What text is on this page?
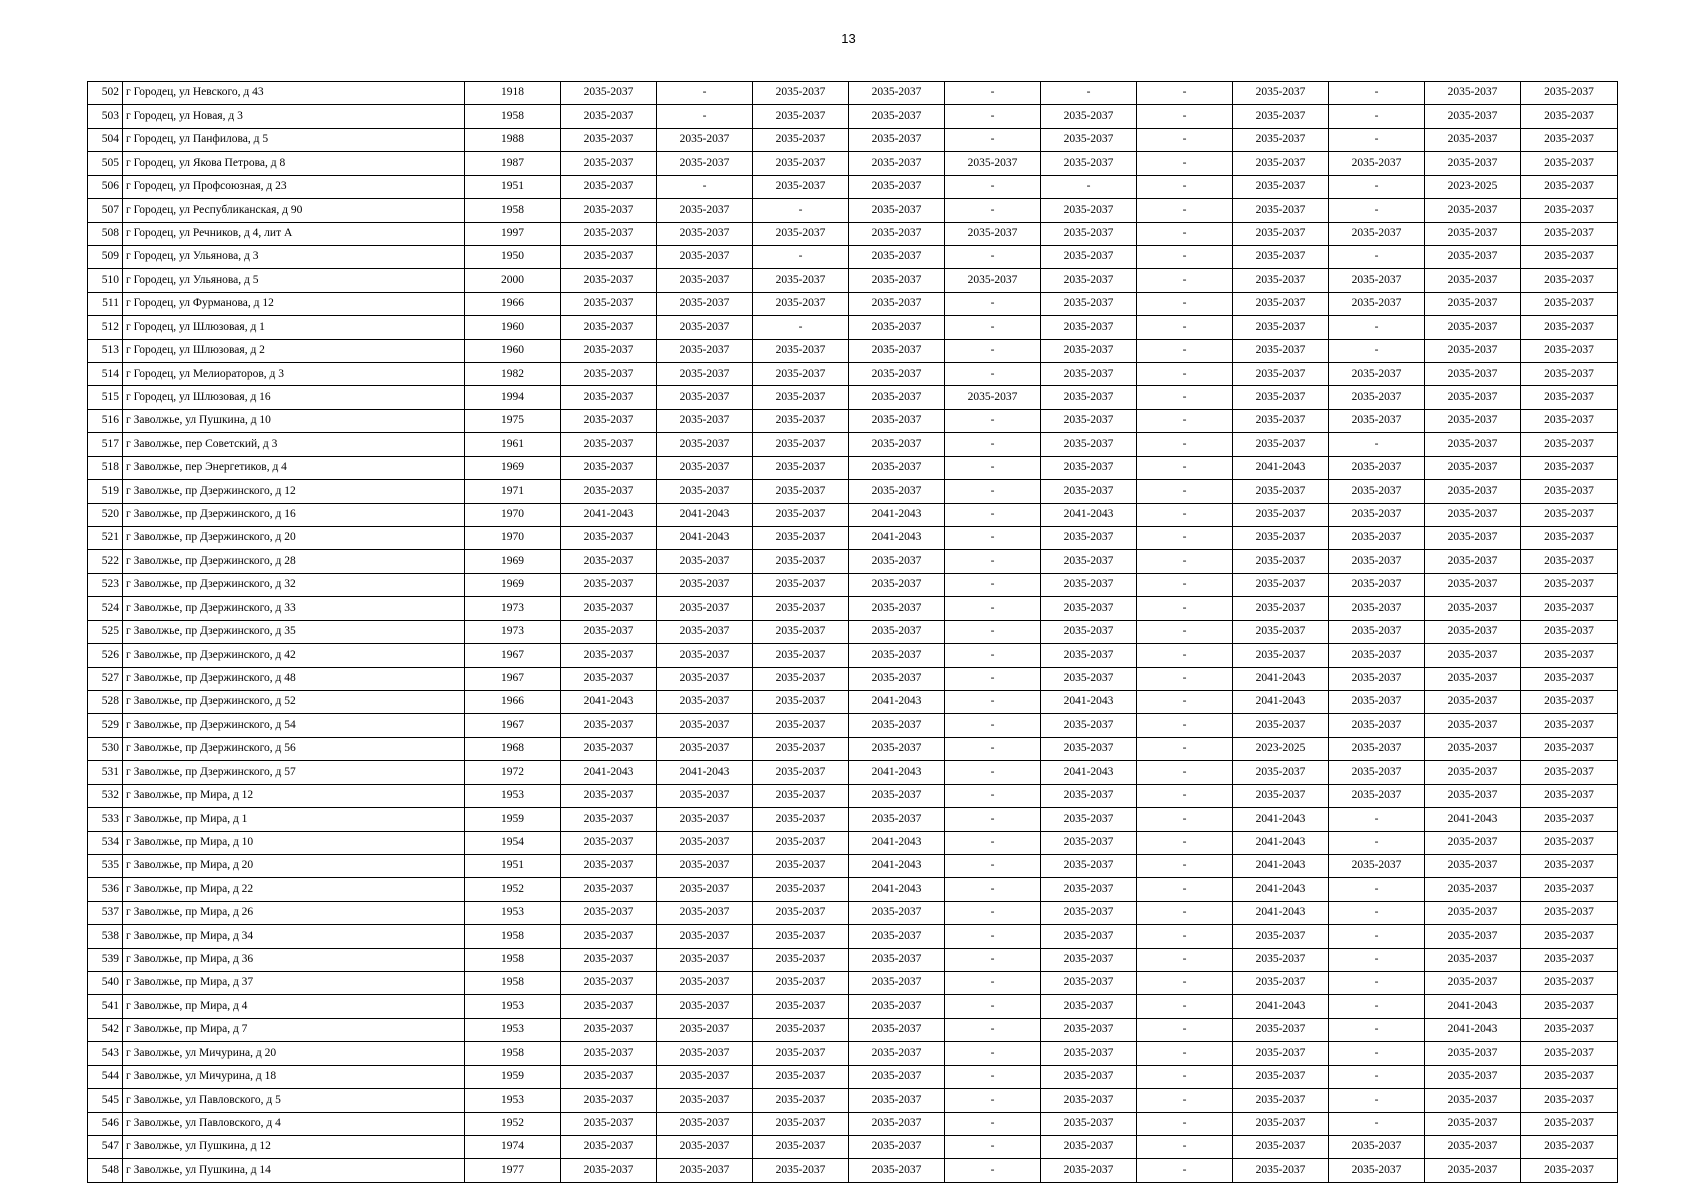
13
502	г Городец, ул Невского, д 43	1918	2035-2037	-	2035-2037	2035-2037	-	-	-	2035-2037	-	2035-2037	2035-2037
503	г Городец, ул Новая, д 3	1958	2035-2037	-	2035-2037	2035-2037	-	2035-2037	-	2035-2037	-	2035-2037	2035-2037
504	г Городец, ул Панфилова, д 5	1988	2035-2037	2035-2037	2035-2037	2035-2037	-	2035-2037	-	2035-2037	-	2035-2037	2035-2037
505	г Городец, ул Якова Петрова, д 8	1987	2035-2037	2035-2037	2035-2037	2035-2037	2035-2037	2035-2037	-	2035-2037	2035-2037	2035-2037	2035-2037
506	г Городец, ул Профсоюзная, д 23	1951	2035-2037	-	2035-2037	2035-2037	-	-	-	2035-2037	-	2023-2025	2035-2037
507	г Городец, ул Республиканская, д 90	1958	2035-2037	2035-2037	-	2035-2037	-	2035-2037	-	2035-2037	-	2035-2037	2035-2037
508	г Городец, ул Речников, д 4, лит А	1997	2035-2037	2035-2037	2035-2037	2035-2037	2035-2037	2035-2037	-	2035-2037	2035-2037	2035-2037	2035-2037
509	г Городец, ул Ульянова, д 3	1950	2035-2037	2035-2037	-	2035-2037	-	2035-2037	-	2035-2037	-	2035-2037	2035-2037
510	г Городец, ул Ульянова, д 5	2000	2035-2037	2035-2037	2035-2037	2035-2037	2035-2037	2035-2037	-	2035-2037	2035-2037	2035-2037	2035-2037
511	г Городец, ул Фурманова, д 12	1966	2035-2037	2035-2037	2035-2037	2035-2037	-	2035-2037	-	2035-2037	2035-2037	2035-2037	2035-2037
512	г Городец, ул Шлюзовая, д 1	1960	2035-2037	2035-2037	-	2035-2037	-	2035-2037	-	2035-2037	-	2035-2037	2035-2037
513	г Городец, ул Шлюзовая, д 2	1960	2035-2037	2035-2037	2035-2037	2035-2037	-	2035-2037	-	2035-2037	-	2035-2037	2035-2037
514	г Городец, ул Мелиораторов, д 3	1982	2035-2037	2035-2037	2035-2037	2035-2037	-	2035-2037	-	2035-2037	2035-2037	2035-2037	2035-2037
515	г Городец, ул Шлюзовая, д 16	1994	2035-2037	2035-2037	2035-2037	2035-2037	2035-2037	2035-2037	-	2035-2037	2035-2037	2035-2037	2035-2037
516	г Заволжье, ул Пушкина, д 10	1975	2035-2037	2035-2037	2035-2037	2035-2037	-	2035-2037	-	2035-2037	2035-2037	2035-2037	2035-2037
517	г Заволжье, пер Советский, д 3	1961	2035-2037	2035-2037	2035-2037	2035-2037	-	2035-2037	-	2035-2037	-	2035-2037	2035-2037
518	г Заволжье, пер Энергетиков, д 4	1969	2035-2037	2035-2037	2035-2037	2035-2037	-	2035-2037	-	2041-2043	2035-2037	2035-2037	2035-2037
519	г Заволжье, пр Дзержинского, д 12	1971	2035-2037	2035-2037	2035-2037	2035-2037	-	2035-2037	-	2035-2037	2035-2037	2035-2037	2035-2037
520	г Заволжье, пр Дзержинского, д 16	1970	2041-2043	2041-2043	2035-2037	2041-2043	-	2041-2043	-	2035-2037	2035-2037	2035-2037	2035-2037
521	г Заволжье, пр Дзержинского, д 20	1970	2035-2037	2041-2043	2035-2037	2041-2043	-	2035-2037	-	2035-2037	2035-2037	2035-2037	2035-2037
522	г Заволжье, пр Дзержинского, д 28	1969	2035-2037	2035-2037	2035-2037	2035-2037	-	2035-2037	-	2035-2037	2035-2037	2035-2037	2035-2037
523	г Заволжье, пр Дзержинского, д 32	1969	2035-2037	2035-2037	2035-2037	2035-2037	-	2035-2037	-	2035-2037	2035-2037	2035-2037	2035-2037
524	г Заволжье, пр Дзержинского, д 33	1973	2035-2037	2035-2037	2035-2037	2035-2037	-	2035-2037	-	2035-2037	2035-2037	2035-2037	2035-2037
525	г Заволжье, пр Дзержинского, д 35	1973	2035-2037	2035-2037	2035-2037	2035-2037	-	2035-2037	-	2035-2037	2035-2037	2035-2037	2035-2037
526	г Заволжье, пр Дзержинского, д 42	1967	2035-2037	2035-2037	2035-2037	2035-2037	-	2035-2037	-	2035-2037	2035-2037	2035-2037	2035-2037
527	г Заволжье, пр Дзержинского, д 48	1967	2035-2037	2035-2037	2035-2037	2035-2037	-	2035-2037	-	2041-2043	2035-2037	2035-2037	2035-2037
528	г Заволжье, пр Дзержинского, д 52	1966	2041-2043	2035-2037	2035-2037	2041-2043	-	2041-2043	-	2041-2043	2035-2037	2035-2037	2035-2037
529	г Заволжье, пр Дзержинского, д 54	1967	2035-2037	2035-2037	2035-2037	2035-2037	-	2035-2037	-	2035-2037	2035-2037	2035-2037	2035-2037
530	г Заволжье, пр Дзержинского, д 56	1968	2035-2037	2035-2037	2035-2037	2035-2037	-	2035-2037	-	2023-2025	2035-2037	2035-2037	2035-2037
531	г Заволжье, пр Дзержинского, д 57	1972	2041-2043	2041-2043	2035-2037	2041-2043	-	2041-2043	-	2035-2037	2035-2037	2035-2037	2035-2037
532	г Заволжье, пр Мира, д 12	1953	2035-2037	2035-2037	2035-2037	2035-2037	-	2035-2037	-	2035-2037	2035-2037	2035-2037	2035-2037
533	г Заволжье, пр Мира, д 1	1959	2035-2037	2035-2037	2035-2037	2035-2037	-	2035-2037	-	2041-2043	-	2041-2043	2035-2037
534	г Заволжье, пр Мира, д 10	1954	2035-2037	2035-2037	2035-2037	2041-2043	-	2035-2037	-	2041-2043	-	2035-2037	2035-2037
535	г Заволжье, пр Мира, д 20	1951	2035-2037	2035-2037	2035-2037	2041-2043	-	2035-2037	-	2041-2043	2035-2037	2035-2037	2035-2037
536	г Заволжье, пр Мира, д 22	1952	2035-2037	2035-2037	2035-2037	2041-2043	-	2035-2037	-	2041-2043	-	2035-2037	2035-2037
537	г Заволжье, пр Мира, д 26	1953	2035-2037	2035-2037	2035-2037	2035-2037	-	2035-2037	-	2041-2043	-	2035-2037	2035-2037
538	г Заволжье, пр Мира, д 34	1958	2035-2037	2035-2037	2035-2037	2035-2037	-	2035-2037	-	2035-2037	-	2035-2037	2035-2037
539	г Заволжье, пр Мира, д 36	1958	2035-2037	2035-2037	2035-2037	2035-2037	-	2035-2037	-	2035-2037	-	2035-2037	2035-2037
540	г Заволжье, пр Мира, д 37	1958	2035-2037	2035-2037	2035-2037	2035-2037	-	2035-2037	-	2035-2037	-	2035-2037	2035-2037
541	г Заволжье, пр Мира, д 4	1953	2035-2037	2035-2037	2035-2037	2035-2037	-	2035-2037	-	2041-2043	-	2041-2043	2035-2037
542	г Заволжье, пр Мира, д 7	1953	2035-2037	2035-2037	2035-2037	2035-2037	-	2035-2037	-	2035-2037	-	2041-2043	2035-2037
543	г Заволжье, ул Мичурина, д 20	1958	2035-2037	2035-2037	2035-2037	2035-2037	-	2035-2037	-	2035-2037	-	2035-2037	2035-2037
544	г Заволжье, ул Мичурина, д 18	1959	2035-2037	2035-2037	2035-2037	2035-2037	-	2035-2037	-	2035-2037	-	2035-2037	2035-2037
545	г Заволжье, ул Павловского, д 5	1953	2035-2037	2035-2037	2035-2037	2035-2037	-	2035-2037	-	2035-2037	-	2035-2037	2035-2037
546	г Заволжье, ул Павловского, д 4	1952	2035-2037	2035-2037	2035-2037	2035-2037	-	2035-2037	-	2035-2037	-	2035-2037	2035-2037
547	г Заволжье, ул Пушкина, д 12	1974	2035-2037	2035-2037	2035-2037	2035-2037	-	2035-2037	-	2035-2037	2035-2037	2035-2037	2035-2037
548	г Заволжье, ул Пушкина, д 14	1977	2035-2037	2035-2037	2035-2037	2035-2037	-	2035-2037	-	2035-2037	2035-2037	2035-2037	2035-2037
